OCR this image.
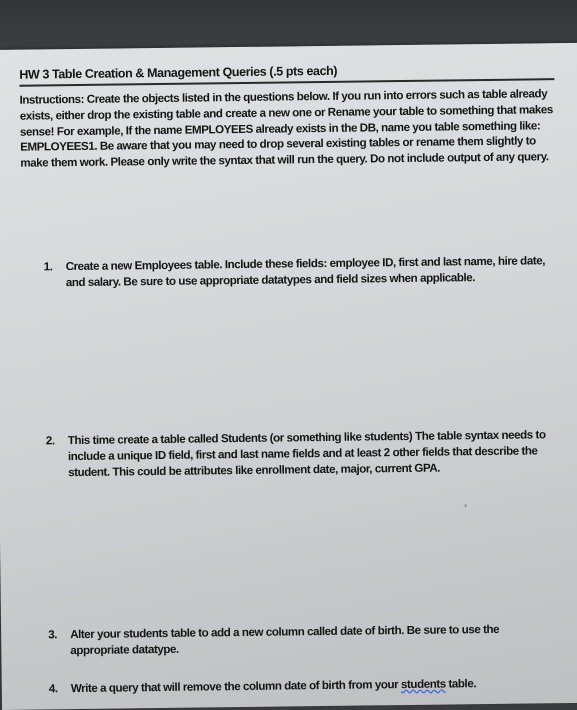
HW 3 Table Creation & Management Queries (.5 pts each)

Instructions: Create the objects listed in the questions below. If you run into errors such as table already exists, either drop the existing table and create a new one or Rename your table to something that makes sense! For example, If the name EMPLOYEES already exists in the DB, name you table something like: EMPLOYEES1. Be aware that you may need to drop several existing tables or rename them slightly to make them work. Please only write the syntax that will run the query. Do not include output of any query.

1.	Create a new Employees table. Include these fields: employee ID, first and last name, hire date, and salary. Be sure to use appropriate datatypes and field sizes when applicable.
2.	This time create a table called Students (or something like students) The table syntax needs to include a unique ID field, first and last name fields and at least 2 other fields that describe the student. This could be attributes like enrollment date, major, current GPA.
3.	Alter your students table to add a new column called date of birth. Be sure to use the appropriate datatype.
4.	Write a query that will remove the column date of birth from your students table.
